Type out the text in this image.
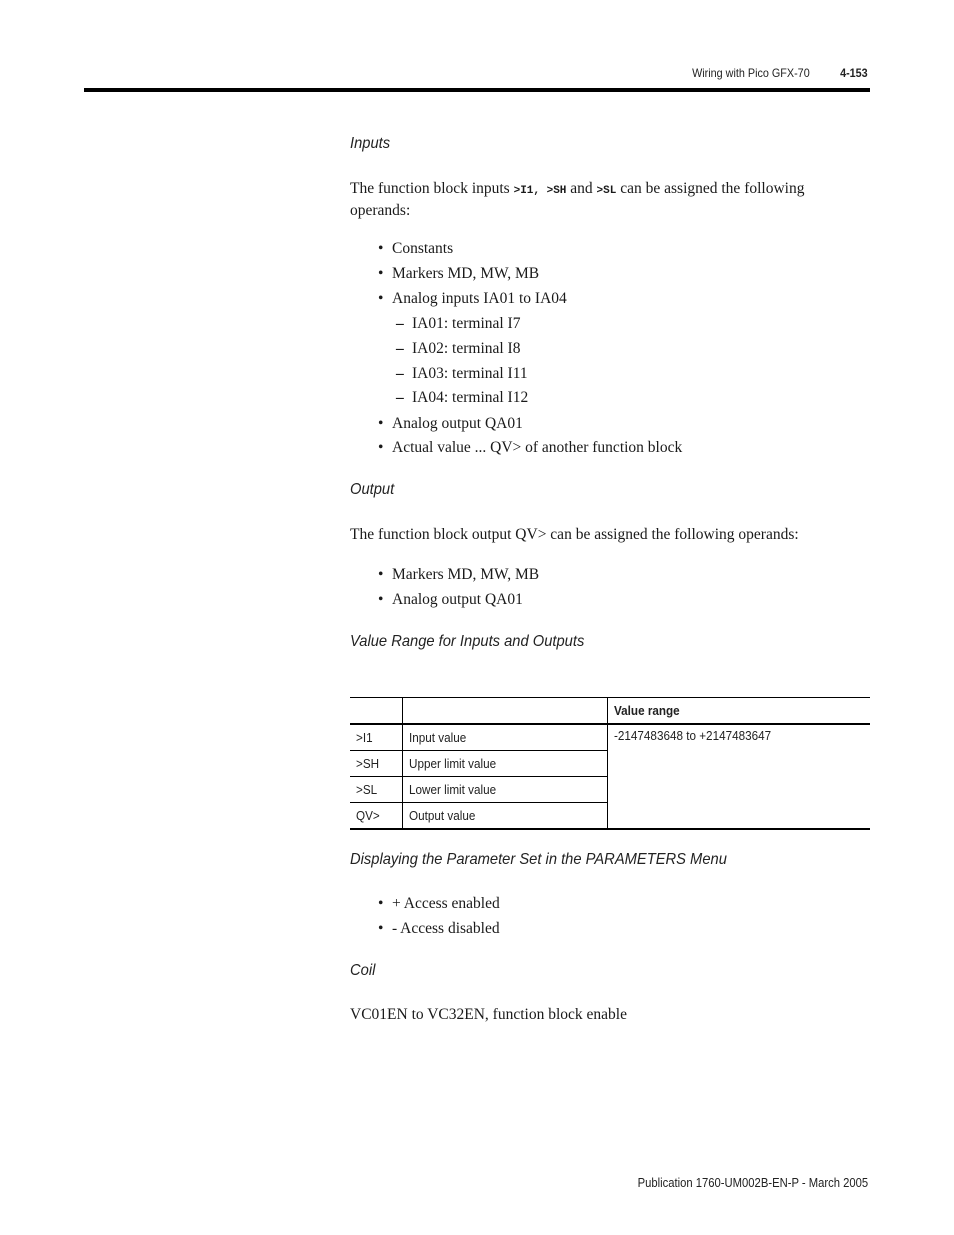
Wiring with Pico GFX-70	4-153
Inputs
The function block inputs >I1, >SH and >SL can be assigned the following operands:
• Constants
• Markers MD, MW, MB
• Analog inputs IA01 to IA04
– IA01: terminal I7
– IA02: terminal I8
– IA03: terminal I11
– IA04: terminal I12
• Analog output QA01
• Actual value ... QV> of another function block
Output
The function block output QV> can be assigned the following operands:
• Markers MD, MW, MB
• Analog output QA01
Value Range for Inputs and Outputs
		Value range
>I1	Input value	-2147483648 to +2147483647
>SH	Upper limit value	
>SL	Lower limit value	
QV>	Output value	
Displaying the Parameter Set in the PARAMETERS Menu
• + Access enabled
• - Access disabled
Coil
VC01EN to VC32EN, function block enable
Publication 1760-UM002B-EN-P - March 2005
